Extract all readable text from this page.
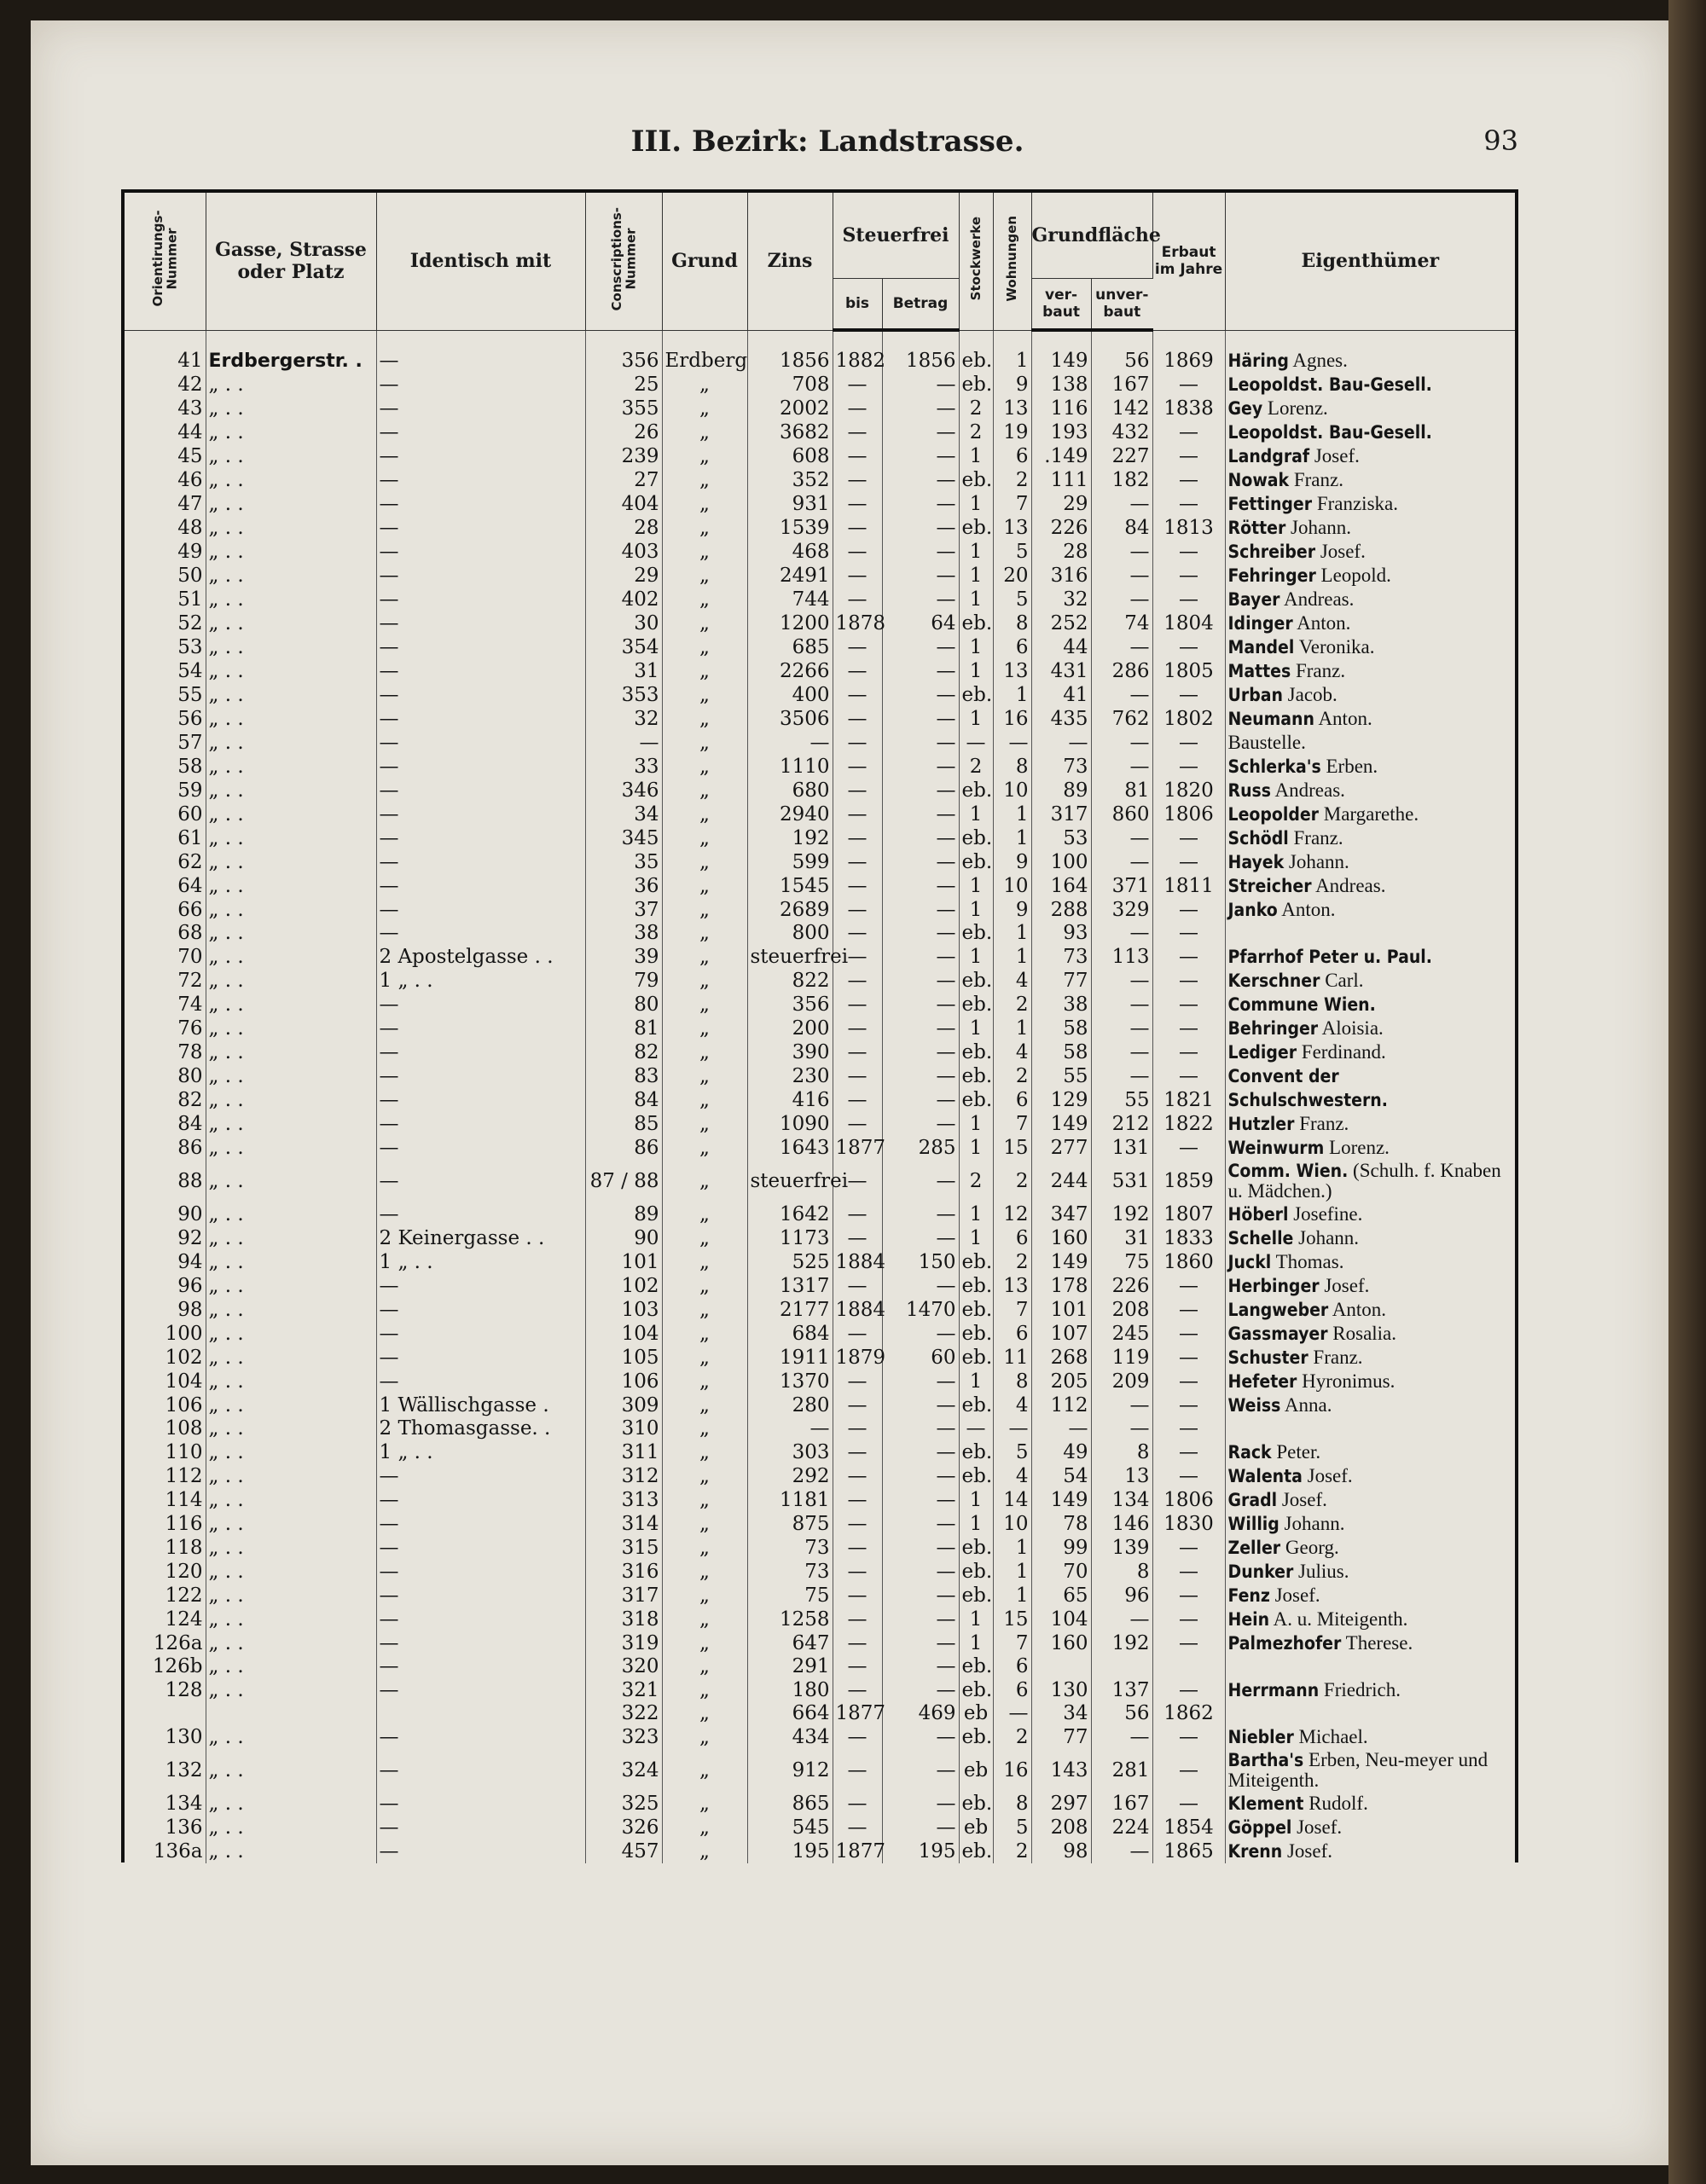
III. Bezirk: Landstrasse.	93
Orientirungs-Nummer	Gasse, Strasse oder Platz	Identisch mit	Conscriptions-Nummer	Grund	Zins	Steuerfrei		Stockwerke	Wohnungen	Grundfläche		Erbaut im Jahre	Eigenthümer
						bis	Betrag			ver-baut	unver-baut		

41	Erdbergerstr. .	—	356	Erdberg	1856	1882	1856	eb.	1	149	56	1869	Häring Agnes.
42	„ . .	—	25	„	708	—	—	eb.	9	138	167	—	Leopoldst. Bau-Gesell.
43	„ . .	—	355	„	2002	—	—	2	13	116	142	1838	Gey Lorenz.
44	„ . .	—	26	„	3682	—	—	2	19	193	432	—	Leopoldst. Bau-Gesell.
45	„ . .	—	239	„	608	—	—	1	6	.149	227	—	Landgraf Josef.
46	„ . .	—	27	„	352	—	—	eb.	2	111	182	—	Nowak Franz.
47	„ . .	—	404	„	931	—	—	1	7	29	—	—	Fettinger Franziska.
48	„ . .	—	28	„	1539	—	—	eb.	13	226	84	1813	Rötter Johann.
49	„ . .	—	403	„	468	—	—	1	5	28	—	—	Schreiber Josef.
50	„ . .	—	29	„	2491	—	—	1	20	316	—	—	Fehringer Leopold.
51	„ . .	—	402	„	744	—	—	1	5	32	—	—	Bayer Andreas.
52	„ . .	—	30	„	1200	1878	64	eb.	8	252	74	1804	Idinger Anton.
53	„ . .	—	354	„	685	—	—	1	6	44	—	—	Mandel Veronika.
54	„ . .	—	31	„	2266	—	—	1	13	431	286	1805	Mattes Franz.
55	„ . .	—	353	„	400	—	—	eb.	1	41	—	—	Urban Jacob.
56	„ . .	—	32	„	3506	—	—	1	16	435	762	1802	Neumann Anton.
57	„ . .	—	—	„	—	—	—	—	—	—	—	—	Baustelle.
58	„ . .	—	33	„	1110	—	—	2	8	73	—	—	Schlerka's Erben.
59	„ . .	—	346	„	680	—	—	eb.	10	89	81	1820	Russ Andreas.
60	„ . .	—	34	„	2940	—	—	1	1	317	860	1806	Leopolder Margarethe.
61	„ . .	—	345	„	192	—	—	eb.	1	53	—	—	Schödl Franz.
62	„ . .	—	35	„	599	—	—	eb.	9	100	—	—	Hayek Johann.
64	„ . .	—	36	„	1545	—	—	1	10	164	371	1811	Streicher Andreas.
66	„ . .	—	37	„	2689	—	—	1	9	288	329	—	Janko Anton.
68	„ . .	—	38	„	800	—	—	eb.	1	93	—	—	
70	„ . .	2 Apostelgasse . .	39	„	steuerfrei	—	—	1	1	73	113	—	Pfarrhof Peter u. Paul.
72	„ . .	1 „ . .	79	„	822	—	—	eb.	4	77	—	—	Kerschner Carl.
74	„ . .	—	80	„	356	—	—	eb.	2	38	—	—	Commune Wien.
76	„ . .	—	81	„	200	—	—	1	1	58	—	—	Behringer Aloisia.
78	„ . .	—	82	„	390	—	—	eb.	4	58	—	—	Lediger Ferdinand.
80	„ . .	—	83	„	230	—	—	eb.	2	55	—	—	Convent der
82	„ . .	—	84	„	416	—	—	eb.	6	129	55	1821	Schulschwestern.
84	„ . .	—	85	„	1090	—	—	1	7	149	212	1822	Hutzler Franz.
86	„ . .	—	86	„	1643	1877	285	1	15	277	131	—	Weinwurm Lorenz.
88	„ . .	—	87 / 88	„	steuerfrei	—	—	2	2	244	531	1859	Comm. Wien. (Schulh. f. Knaben u. Mädchen.)
90	„ . .	—	89	„	1642	—	—	1	12	347	192	1807	Höberl Josefine.
92	„ . .	2 Keinergasse . .	90	„	1173	—	—	1	6	160	31	1833	Schelle Johann.
94	„ . .	1 „ . .	101	„	525	1884	150	eb.	2	149	75	1860	Juckl Thomas.
96	„ . .	—	102	„	1317	—	—	eb.	13	178	226	—	Herbinger Josef.
98	„ . .	—	103	„	2177	1884	1470	eb.	7	101	208	—	Langweber Anton.
100	„ . .	—	104	„	684	—	—	eb.	6	107	245	—	Gassmayer Rosalia.
102	„ . .	—	105	„	1911	1879	60	eb.	11	268	119	—	Schuster Franz.
104	„ . .	—	106	„	1370	—	—	1	8	205	209	—	Hefeter Hyronimus.
106	„ . .	1 Wällischgasse .	309	„	280	—	—	eb.	4	112	—	—	Weiss Anna.
108	„ . .	2 Thomasgasse. .	310	„	—	—	—	—	—	—	—	—	
110	„ . .	1 „ . .	311	„	303	—	—	eb.	5	49	8	—	Rack Peter.
112	„ . .	—	312	„	292	—	—	eb.	4	54	13	—	Walenta Josef.
114	„ . .	—	313	„	1181	—	—	1	14	149	134	1806	Gradl Josef.
116	„ . .	—	314	„	875	—	—	1	10	78	146	1830	Willig Johann.
118	„ . .	—	315	„	73	—	—	eb.	1	99	139	—	Zeller Georg.
120	„ . .	—	316	„	73	—	—	eb.	1	70	8	—	Dunker Julius.
122	„ . .	—	317	„	75	—	—	eb.	1	65	96	—	Fenz Josef.
124	„ . .	—	318	„	1258	—	—	1	15	104	—	—	Hein A. u. Miteigenth.
126a	„ . .	—	319	„	647	—	—	1	7	160	192	—	Palmezhofer Therese.
126b	„ . .	—	320	„	291	—	—	eb.	6				
128	„ . .	—	321	„	180	—	—	eb.	6	130	137	—	Herrmann Friedrich.
			322	„	664	1877	469	eb	—	34	56	1862	
130	„ . .	—	323	„	434	—	—	eb.	2	77	—	—	Niebler Michael.
132	„ . .	—	324	„	912	—	—	eb	16	143	281	—	Bartha's Erben, Neu-meyer und Miteigenth.
134	„ . .	—	325	„	865	—	—	eb.	8	297	167	—	Klement Rudolf.
136	„ . .	—	326	„	545	—	—	eb	5	208	224	1854	Göppel Josef.
136a	„ . .	—	457	„	195	1877	195	eb.	2	98	—	1865	Krenn Josef.
